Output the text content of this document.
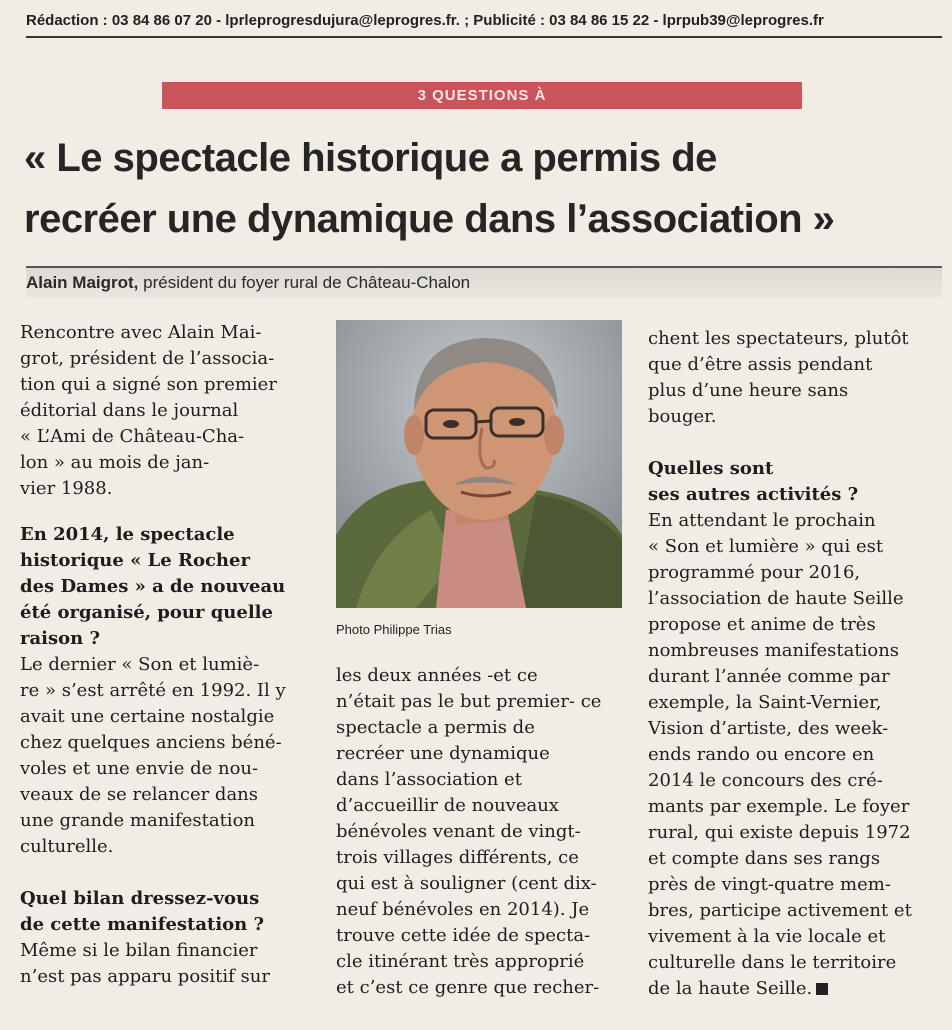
Rédaction : 03 84 86 07 20 - lprleprogresdujura@leprogres.fr. ; Publicité : 03 84 86 15 22 - lprpub39@leprogres.fr
3 QUESTIONS À
« Le spectacle historique a permis de
recréer une dynamique dans l’association »
Alain Maigrot, président du foyer rural de Château-Chalon
Rencontre avec Alain Mai-
grot, président de l’associa-
tion qui a signé son premier
éditorial dans le journal
« L’Ami de Château-Cha-
lon » au mois de jan-
vier 1988.
En 2014, le spectacle
historique « Le Rocher
des Dames » a de nouveau
été organisé, pour quelle
raison ?
Le dernier « Son et lumiè-
re » s’est arrêté en 1992. Il y
avait une certaine nostalgie
chez quelques anciens béné-
voles et une envie de nou-
veaux de se relancer dans
une grande manifestation
culturelle.
Quel bilan dressez-vous
de cette manifestation ?
Même si le bilan financier
n’est pas apparu positif sur
Photo Philippe Trias
les deux années -et ce
n’était pas le but premier- ce
spectacle a permis de
recréer une dynamique
dans l’association et
d’accueillir de nouveaux
bénévoles venant de vingt-
trois villages différents, ce
qui est à souligner (cent dix-
neuf bénévoles en 2014). Je
trouve cette idée de specta-
cle itinérant très approprié
et c’est ce genre que recher-
chent les spectateurs, plutôt
que d’être assis pendant
plus d’une heure sans
bouger.
Quelles sont
ses autres activités ?
En attendant le prochain
« Son et lumière » qui est
programmé pour 2016,
l’association de haute Seille
propose et anime de très
nombreuses manifestations
durant l’année comme par
exemple, la Saint-Vernier,
Vision d’artiste, des week-
ends rando ou encore en
2014 le concours des cré-
mants par exemple. Le foyer
rural, qui existe depuis 1972
et compte dans ses rangs
près de vingt-quatre mem-
bres, participe activement et
vivement à la vie locale et
culturelle dans le territoire
de la haute Seille.
